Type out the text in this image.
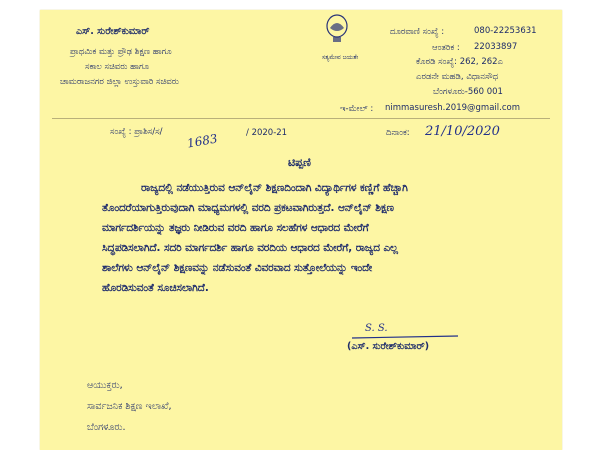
ಎಸ್. ಸುರೇಶ್‌ಕುಮಾರ್
ಪ್ರಾಥಮಿಕ ಮತ್ತು ಪ್ರೌಢ ಶಿಕ್ಷಣ ಹಾಗೂ
ಸಕಾಲ ಸಚಿವರು ಹಾಗೂ
ಚಾಮರಾಜನಗರ ಜಿಲ್ಲಾ ಉಸ್ತುವಾರಿ ಸಚಿವರು
ಸತ್ಯಮೇವ ಜಯತೇ
ದೂರವಾಣಿ ಸಂಖ್ಯೆ :	080-22253631
ಆಂತರಿಕ : 22033897
ಕೊಠಡಿ ಸಂಖ್ಯೆ: 262, 262ಎ
ಎರಡನೇ ಮಹಡಿ, ವಿಧಾನಸೌಧ
ಬೆಂಗಳೂರು-560 001
ಇ-ಮೇಲ್ : nimmasuresh.2019@gmail.com
ಸಂಖ್ಯೆ : ಪ್ರಾಶಿಸ/ಸ/ 1683	/ 2020-21	ದಿನಾಂಕ: 21/10/2020
ಟಿಪ್ಪಣಿ
ರಾಜ್ಯದಲ್ಲಿ ನಡೆಯುತ್ತಿರುವ ಆನ್‌ಲೈನ್ ಶಿಕ್ಷಣದಿಂದಾಗಿ ವಿದ್ಯಾರ್ಥಿಗಳ ಕಣ್ಣಿಗೆ ಹೆಚ್ಚಾಗಿ
ತೊಂದರೆಯಾಗುತ್ತಿರುವುದಾಗಿ ಮಾಧ್ಯಮಗಳಲ್ಲಿ ವರದಿ ಪ್ರಕಟವಾಗಿರುತ್ತದೆ. ಆನ್‌ಲೈನ್ ಶಿಕ್ಷಣ
ಮಾರ್ಗದರ್ಶಿಯನ್ನು ತಜ್ಞರು ನೀಡಿರುವ ವರದಿ ಹಾಗೂ ಸಲಹೆಗಳ ಆಧಾರದ ಮೇರೆಗೆ
ಸಿದ್ಧಪಡಿಸಲಾಗಿದೆ. ಸದರಿ ಮಾರ್ಗದರ್ಶಿ ಹಾಗೂ ವರದಿಯ ಆಧಾರದ ಮೇರೆಗೆ, ರಾಜ್ಯದ ಎಲ್ಲ
ಶಾಲೆಗಳು ಆನ್‌ಲೈನ್ ಶಿಕ್ಷಣವನ್ನು ನಡೆಸುವಂತೆ ವಿವರವಾದ ಸುತ್ತೋಲೆಯನ್ನು ಇಂದೇ
ಹೊರಡಿಸುವಂತೆ ಸೂಚಿಸಲಾಗಿದೆ.
S. S.
(ಎಸ್. ಸುರೇಶ್‌ಕುಮಾರ್)
ಆಯುಕ್ತರು,
ಸಾರ್ವಜನಿಕ ಶಿಕ್ಷಣ ಇಲಾಖೆ,
ಬೆಂಗಳೂರು.
